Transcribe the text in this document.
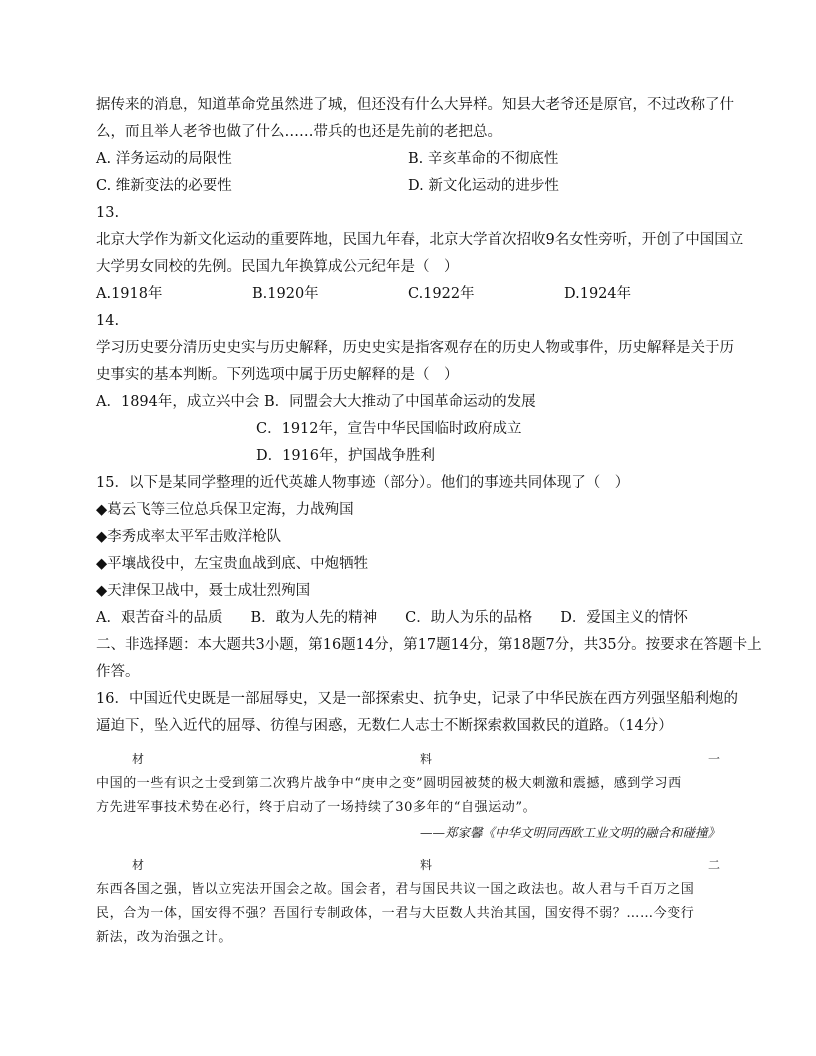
据传来的消息，知道革命党虽然进了城，但还没有什么大异样。知县大老爷还是原官，不过改称了什
么，而且举人老爷也做了什么……带兵的也还是先前的老把总。
A. 洋务运动的局限性	B. 辛亥革命的不彻底性
C. 维新变法的必要性	D. 新文化运动的进步性
13.
北京大学作为新文化运动的重要阵地，民国九年春，北京大学首次招收9名女性旁听，开创了中国国立
大学男女同校的先例。民国九年换算成公元纪年是（　）
A.1918年	B.1920年	C.1922年	D.1924年
14.
学习历史要分清历史史实与历史解释，历史史实是指客观存在的历史人物或事件，历史解释是关于历
史事实的基本判断。下列选项中属于历史解释的是（　）
A．1894年，成立兴中会 B．同盟会大大推动了中国革命运动的发展
C．1912年，宣告中华民国临时政府成立
D．1916年，护国战争胜利
15．以下是某同学整理的近代英雄人物事迹（部分）。他们的事迹共同体现了（　）
◆ 葛云飞等三位总兵保卫定海，力战殉国
◆ 李秀成率太平军击败洋枪队
◆ 平壤战役中，左宝贵血战到底、中炮牺牲
◆ 天津保卫战中，聂士成壮烈殉国
A．艰苦奋斗的品质 B．敢为人先的精神 C．助人为乐的品格 D．爱国主义的情怀
二、非选择题：本大题共3小题，第16题14分，第17题14分，第18题7分，共35分。按要求在答题卡上
作答。
16．中国近代史既是一部屈辱史，又是一部探索史、抗争史，记录了中华民族在西方列强坚船利炮的
逼迫下，坠入近代的屈辱、彷徨与困惑，无数仁人志士不断探索救国救民的道路。（14分）
材	料	一
中国的一些有识之士受到第二次鸦片战争中“庚申之变”圆明园被焚的极大刺激和震撼，感到学习西
方先进军事技术势在必行，终于启动了一场持续了30多年的“自强运动”。
——郑家馨《中华文明同西欧工业文明的融合和碰撞》
材	料	二
东西各国之强，皆以立宪法开国会之故。国会者，君与国民共议一国之政法也。故人君与千百万之国
民，合为一体，国安得不强？吾国行专制政体，一君与大臣数人共治其国，国安得不弱？……今变行
新法，改为治强之计。
